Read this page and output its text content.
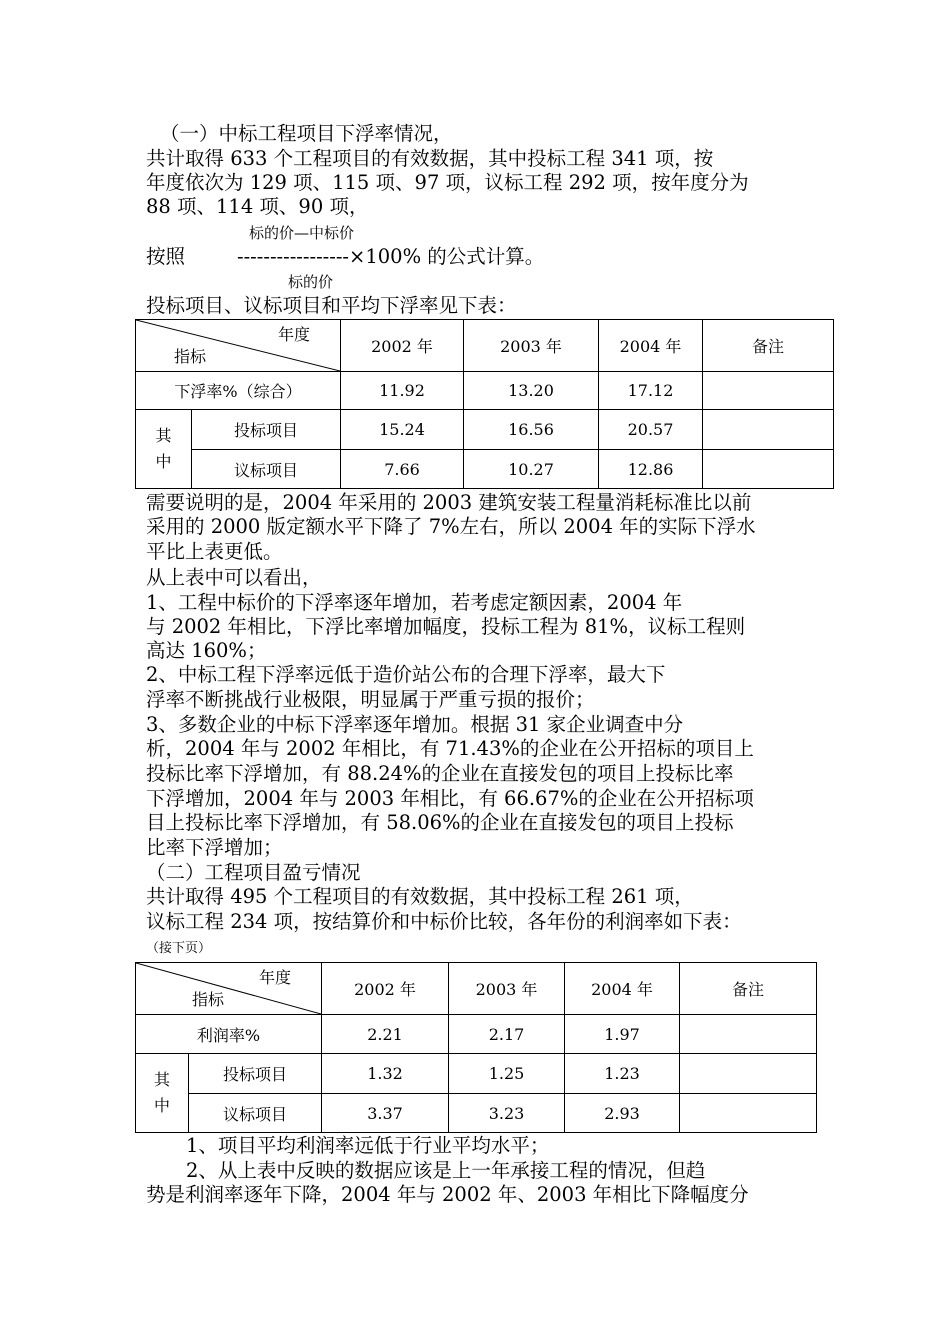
（一）中标工程项目下浮率情况，
共计取得 633 个工程项目的有效数据，其中投标工程 341 项，按
年度依次为 129 项、115 项、97 项，议标工程 292 项，按年度分为
88 项、114 项、90 项，
标的价—中标价
按照	-----------------×100% 的公式计算。
标的价
投标项目、议标项目和平均下浮率见下表：
年度
指标		2002 年	2003 年	2004 年	备注
下浮率%（综合）		11.92	13.20	17.12	
其
中	投标项目	15.24	16.56	20.57	
	议标项目	7.66	10.27	12.86	
需要说明的是，2004 年采用的 2003 建筑安装工程量消耗标准比以前
采用的 2000 版定额水平下降了 7%左右，所以 2004 年的实际下浮水
平比上表更低。
从上表中可以看出，
1、工程中标价的下浮率逐年增加，若考虑定额因素，2004 年
与 2002 年相比，下浮比率增加幅度，投标工程为 81%，议标工程则
高达 160%；
2、中标工程下浮率远低于造价站公布的合理下浮率，最大下
浮率不断挑战行业极限，明显属于严重亏损的报价；
3、多数企业的中标下浮率逐年增加。根据 31 家企业调查中分
析，2004 年与 2002 年相比，有 71.43%的企业在公开招标的项目上
投标比率下浮增加，有 88.24%的企业在直接发包的项目上投标比率
下浮增加，2004 年与 2003 年相比，有 66.67%的企业在公开招标项
目上投标比率下浮增加，有 58.06%的企业在直接发包的项目上投标
比率下浮增加；
（二）工程项目盈亏情况
共计取得 495 个工程项目的有效数据，其中投标工程 261 项，
议标工程 234 项，按结算价和中标价比较，各年份的利润率如下表：
（接下页）
年度
指标		2002 年	2003 年	2004 年	备注
利润率%		2.21	2.17	1.97	
其
中	投标项目	1.32	1.25	1.23	
	议标项目	3.37	3.23	2.93	
1、项目平均利润率远低于行业平均水平；
2、从上表中反映的数据应该是上一年承接工程的情况，但趋
势是利润率逐年下降，2004 年与 2002 年、2003 年相比下降幅度分
